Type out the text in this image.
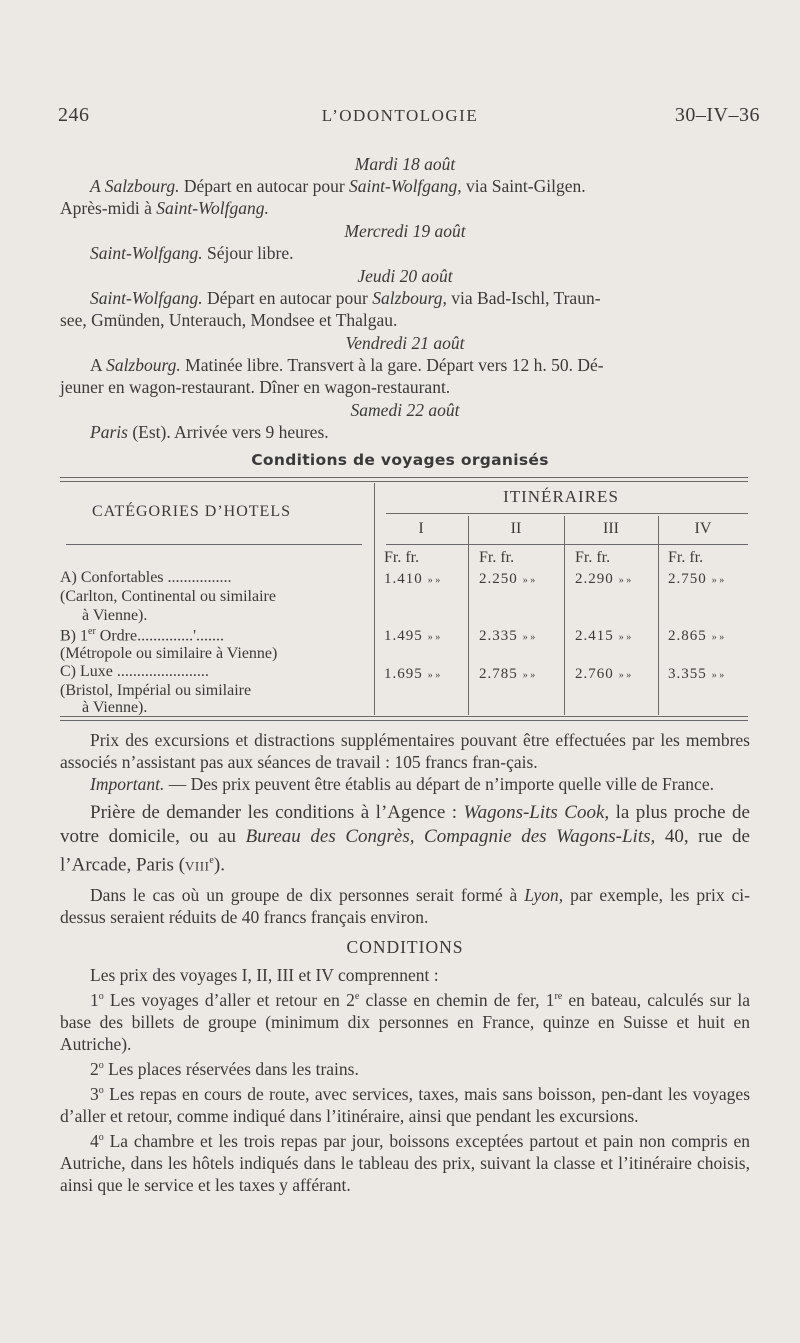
246	L’ODONTOLOGIE	30–IV–36
Mardi 18 août
A Salzbourg. Départ en autocar pour Saint-Wolfgang, via Saint-Gilgen.
Après-midi à Saint-Wolfgang.
Mercredi 19 août
Saint-Wolfgang. Séjour libre.
Jeudi 20 août
Saint-Wolfgang. Départ en autocar pour Salzbourg, via Bad-Ischl, Traun-
see, Gmünden, Unterauch, Mondsee et Thalgau.
Vendredi 21 août
A Salzbourg. Matinée libre. Transvert à la gare. Départ vers 12 h. 50. Dé-
jeuner en wagon-restaurant. Dîner en wagon-restaurant.
Samedi 22 août
Paris (Est). Arrivée vers 9 heures.
Conditions de voyages organisés
CATÉGORIES D’HOTELS
ITINÉRAIRES
I	II	III	IV
Fr. fr.	Fr. fr.	Fr. fr.	Fr. fr.
A) Confortables ................
(Carlton, Continental ou similaire
à Vienne).
1.410 » »	2.250 » »	2.290 » » 2.750 » »
B) 1er Ordre..............'.......
(Métropole ou similaire à Vienne)
1.495 » »	2.335 » »	2.415 » » 2.865 » »
C) Luxe .......................
(Bristol, Impérial ou similaire
à Vienne).
1.695 » »	2.785 » »	2.760 » » 3.355 » »
Prix des excursions et distractions supplémentaires pouvant être effectuées par les membres associés n’assistant pas aux séances de travail : 105 francs fran-çais.
Important. — Des prix peuvent être établis au départ de n’importe quelle ville de France.
Prière de demander les conditions à l’Agence : Wagons-Lits Cook, la plus proche de votre domicile, ou au Bureau des Congrès, Compagnie des Wagons-Lits, 40, rue de l’Arcade, Paris (VIIIe).
Dans le cas où un groupe de dix personnes serait formé à Lyon, par exemple, les prix ci-dessus seraient réduits de 40 francs français environ.
CONDITIONS
Les prix des voyages I, II, III et IV comprennent :
1$^o$ Les voyages d’aller et retour en 2e classe en chemin de fer, 1re en bateau, calculés sur la base des billets de groupe (minimum dix personnes en France, quinze en Suisse et huit en Autriche).
2$^o$ Les places réservées dans les trains.
3$^o$ Les repas en cours de route, avec services, taxes, mais sans boisson, pen-dant les voyages d’aller et retour, comme indiqué dans l’itinéraire, ainsi que pendant les excursions.
4$^o$ La chambre et les trois repas par jour, boissons exceptées partout et pain non compris en Autriche, dans les hôtels indiqués dans le tableau des prix, suivant la classe et l’itinéraire choisis, ainsi que le service et les taxes y afférant.
